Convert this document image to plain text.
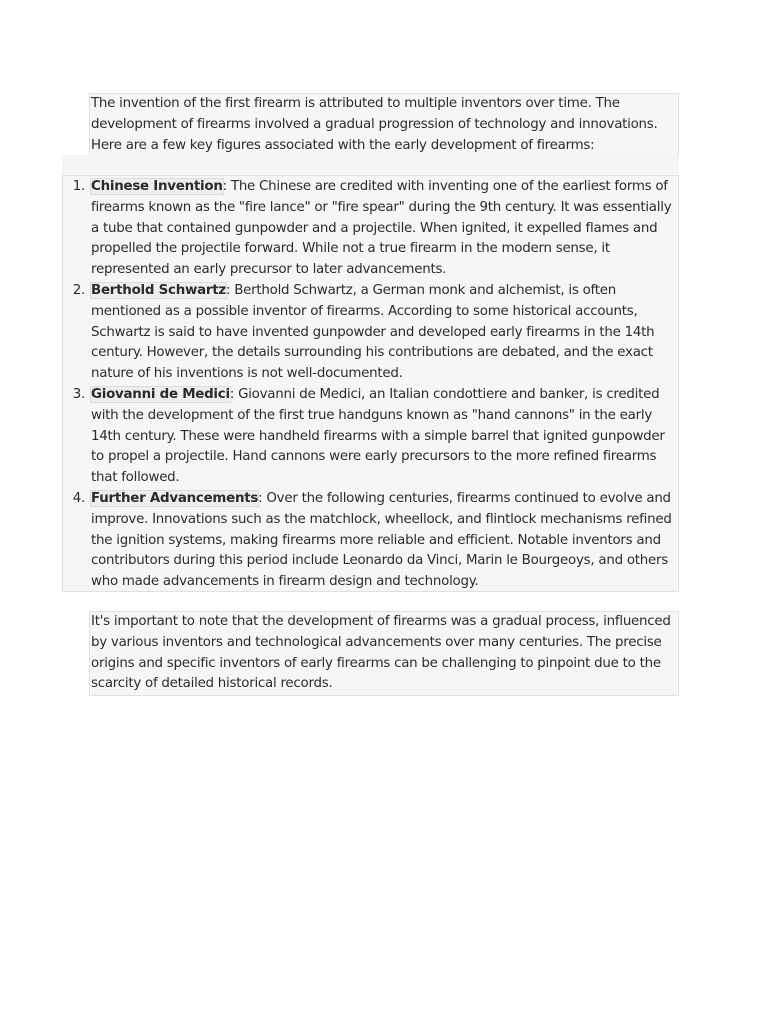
The invention of the first firearm is attributed to multiple inventors over time. The development of firearms involved a gradual progression of technology and innovations. Here are a few key figures associated with the early development of firearms:

1. Chinese Invention: The Chinese are credited with inventing one of the earliest forms of firearms known as the "fire lance" or "fire spear" during the 9th century. It was essentially a tube that contained gunpowder and a projectile. When ignited, it expelled flames and propelled the projectile forward. While not a true firearm in the modern sense, it represented an early precursor to later advancements.
2. Berthold Schwartz: Berthold Schwartz, a German monk and alchemist, is often mentioned as a possible inventor of firearms. According to some historical accounts, Schwartz is said to have invented gunpowder and developed early firearms in the 14th century. However, the details surrounding his contributions are debated, and the exact nature of his inventions is not well-documented.
3. Giovanni de Medici: Giovanni de Medici, an Italian condottiere and banker, is credited with the development of the first true handguns known as "hand cannons" in the early 14th century. These were handheld firearms with a simple barrel that ignited gunpowder to propel a projectile. Hand cannons were early precursors to the more refined firearms that followed.
4. Further Advancements: Over the following centuries, firearms continued to evolve and improve. Innovations such as the matchlock, wheellock, and flintlock mechanisms refined the ignition systems, making firearms more reliable and efficient. Notable inventors and contributors during this period include Leonardo da Vinci, Marin le Bourgeoys, and others who made advancements in firearm design and technology.

It's important to note that the development of firearms was a gradual process, influenced by various inventors and technological advancements over many centuries. The precise origins and specific inventors of early firearms can be challenging to pinpoint due to the scarcity of detailed historical records.
